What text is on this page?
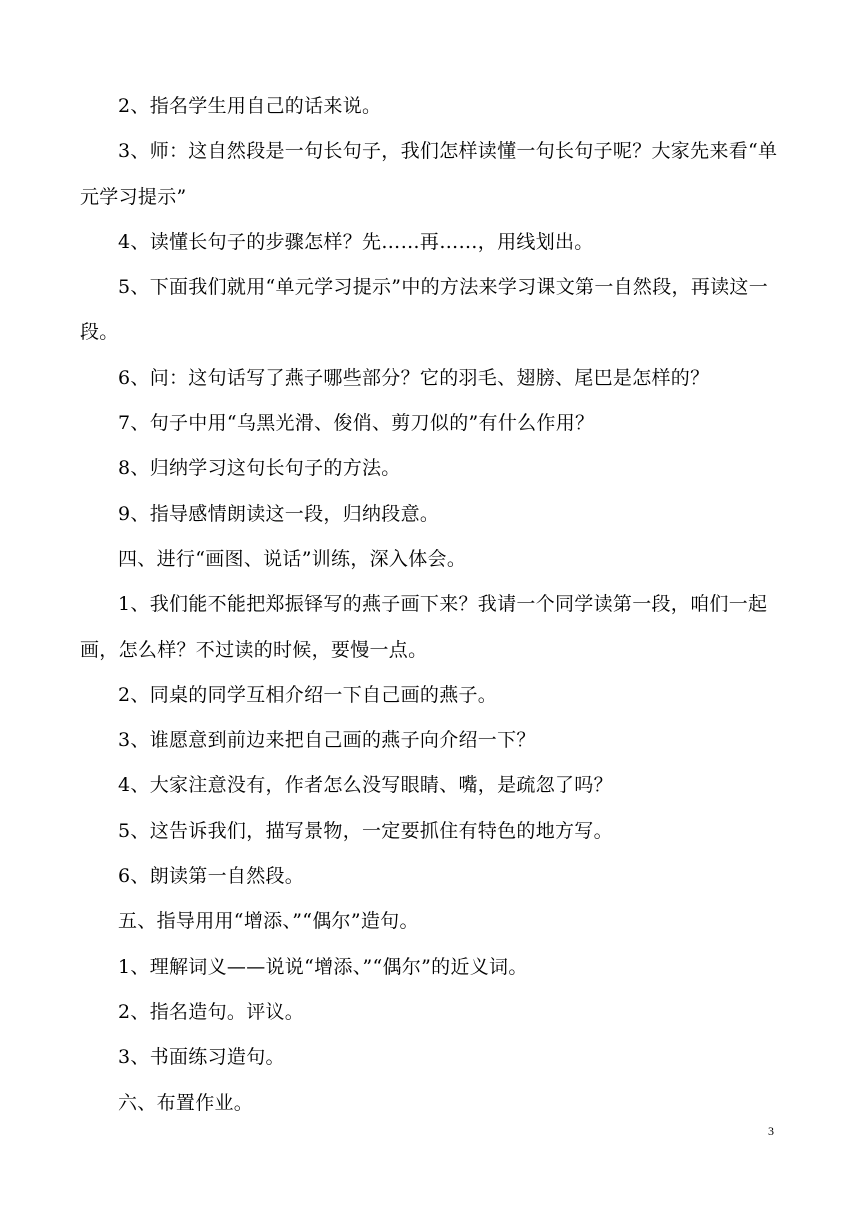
2、指名学生用自己的话来说。

3、师：这自然段是一句长句子，我们怎样读懂一句长句子呢？大家先来看“单元学习提示”

4、读懂长句子的步骤怎样？先……再……，用线划出。

5、下面我们就用“单元学习提示”中的方法来学习课文第一自然段，再读这一段。

6、问：这句话写了燕子哪些部分？它的羽毛、翅膀、尾巴是怎样的？

7、句子中用“乌黑光滑、俊俏、剪刀似的”有什么作用？

8、归纳学习这句长句子的方法。

9、指导感情朗读这一段，归纳段意。

四、进行“画图、说话”训练，深入体会。

1、我们能不能把郑振铎写的燕子画下来？我请一个同学读第一段，咱们一起画，怎么样？不过读的时候，要慢一点。

2、同桌的同学互相介绍一下自己画的燕子。

3、谁愿意到前边来把自己画的燕子向介绍一下？

4、大家注意没有，作者怎么没写眼睛、嘴，是疏忽了吗？

5、这告诉我们，描写景物，一定要抓住有特色的地方写。

6、朗读第一自然段。

五、指导用用“增添、”“偶尔”造句。

1、理解词义——说说“增添、”“偶尔”的近义词。

2、指名造句。评议。

3、书面练习造句。

六、布置作业。

3
